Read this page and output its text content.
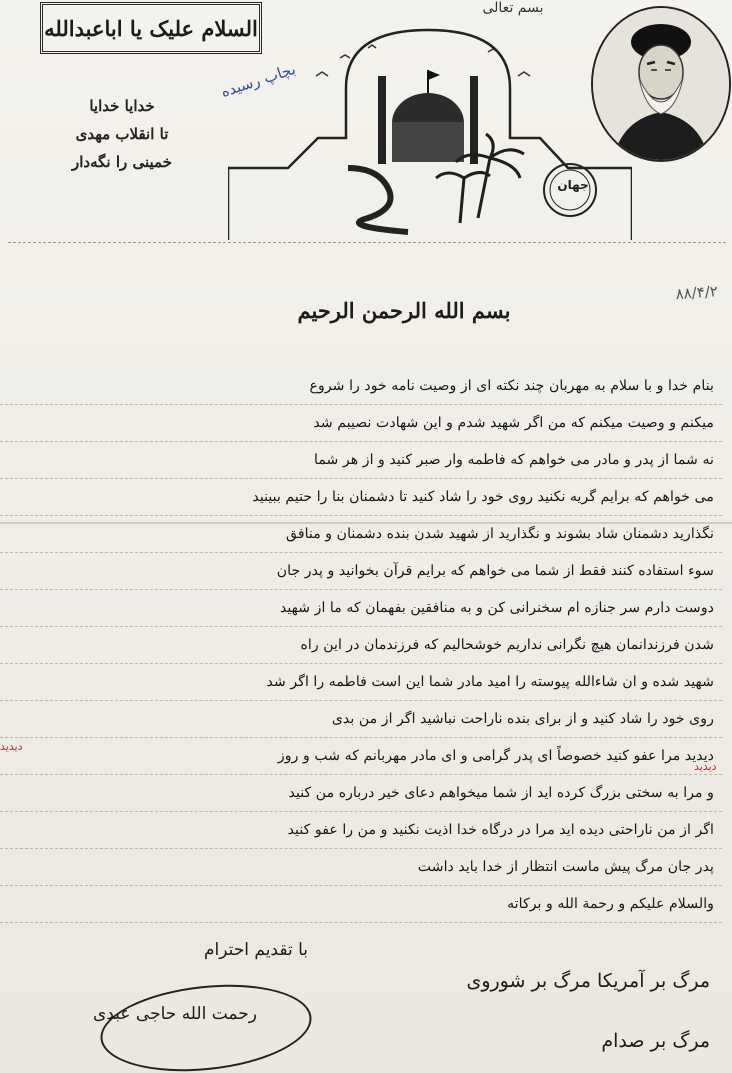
السلام علیک یا اباعبدالله
بسم تعالی
خدایا خدایا
تا انقلاب مهدی
خمینی را نگه‌دار
بچاپ رسیده
جهان
۸۸/۴/۲
بسم الله الرحمن الرحیم
بنام خدا و با سلام به مهربان چند نکته ای از وصیت نامه خود را شروع
میکنم و وصیت میکنم که من اگر شهید شدم و این شهادت نصیبم شد
نه شما از پدر و مادر می خواهم که فاطمه وار صبر کنید و از هر شما
می خواهم که برایم گریه نکنید روی خود را شاد کنید تا دشمنان بنا را حتیم ببینید
نگذارید دشمنان شاد بشوند و نگذارید از شهید شدن بنده دشمنان و منافق
سوء استفاده کنند فقط از شما می خواهم که برایم قرآن بخوانید و پدر جان
دوست دارم سر جنازه ام سخنرانی کن و به منافقین بفهمان که ما از شهید
شدن فرزندانمان هیچ نگرانی نداریم خوشحالیم که فرزندمان در این راه
شهید شده و ان شاءالله پیوسته را امید مادر شما این است فاطمه را اگر شد
روی خود را شاد کنید و از برای بنده ناراحت نباشید اگر از من بدی
دیدید مرا عفو کنید خصوصاً ای پدر گرامی و ای مادر مهربانم که شب و روز
و مرا به سختی بزرگ کرده اید از شما میخواهم دعای خیر درباره من کنید
اگر از من ناراحتی دیده اید مرا در درگاه خدا اذیت نکنید و من را عفو کنید
پدر جان مرگ پیش ماست انتظار از خدا باید داشت
والسلام علیکم و رحمة الله و برکاته
دیدید
دیدید
با تقدیم احترام
مرگ بر آمریکا مرگ بر شوروی
مرگ بر صدام
رحمت الله حاجی عبدی
